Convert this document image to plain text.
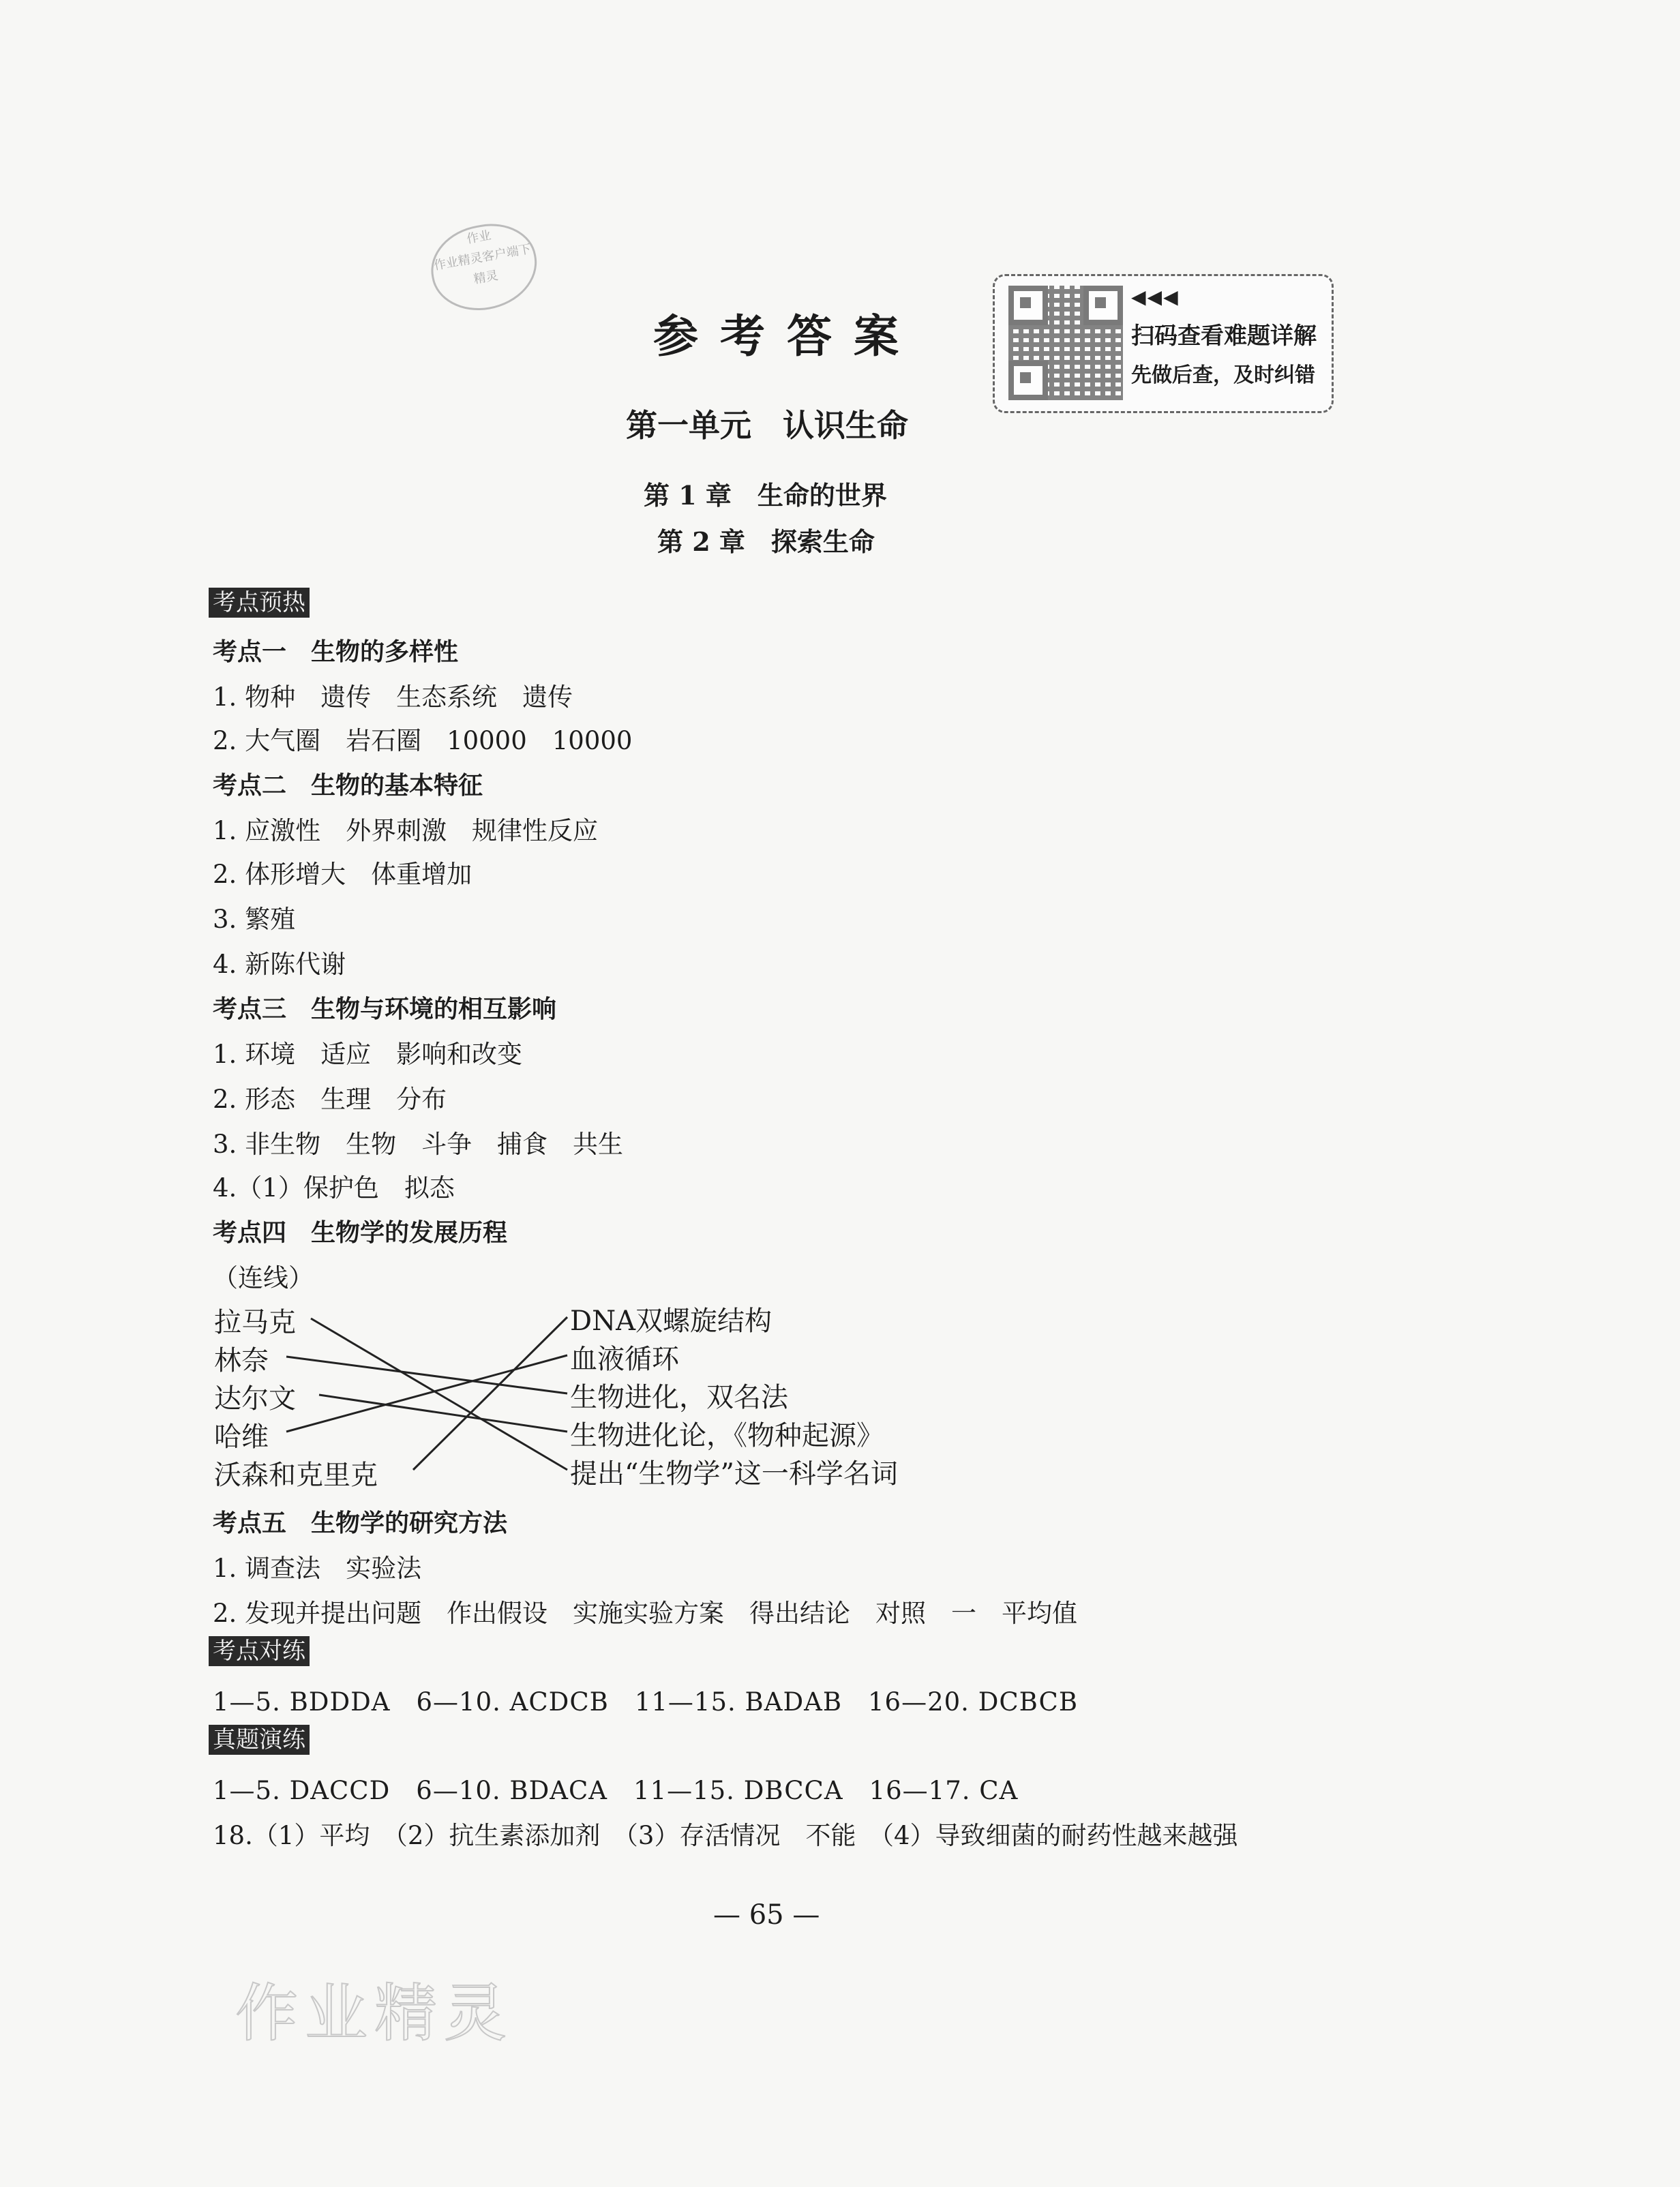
作业
作业精灵客户端下
精灵
参考答案
◀◀◀
扫码查看难题详解
先做后查，及时纠错
第一单元　认识生命
第 1 章　生命的世界
第 2 章　探索生命
考点预热
考点一　生物的多样性
1. 物种　遗传　生态系统　遗传
2. 大气圈　岩石圈　10000　10000
考点二　生物的基本特征
1. 应激性　外界刺激　规律性反应
2. 体形增大　体重增加
3. 繁殖
4. 新陈代谢
考点三　生物与环境的相互影响
1. 环境　适应　影响和改变
2. 形态　生理　分布
3. 非生物　生物　斗争　捕食　共生
4.（1）保护色　拟态
考点四　生物学的发展历程
（连线）
拉马克
林奈
达尔文
哈维
沃森和克里克
DNA双螺旋结构
血液循环
生物进化，双名法
生物进化论，《物种起源》
提出“生物学”这一科学名词
考点五　生物学的研究方法
1. 调查法　实验法
2. 发现并提出问题　作出假设　实施实验方案　得出结论　对照　一　平均值
考点对练
1—5. BDDDA　6—10. ACDCB　11—15. BADAB　16—20. DCBCB
真题演练
1—5. DACCD　6—10. BDACA　11—15. DBCCA　16—17. CA
18.（1）平均　（2）抗生素添加剂　（3）存活情况　不能　（4）导致细菌的耐药性越来越强
— 65 —
作业精灵
